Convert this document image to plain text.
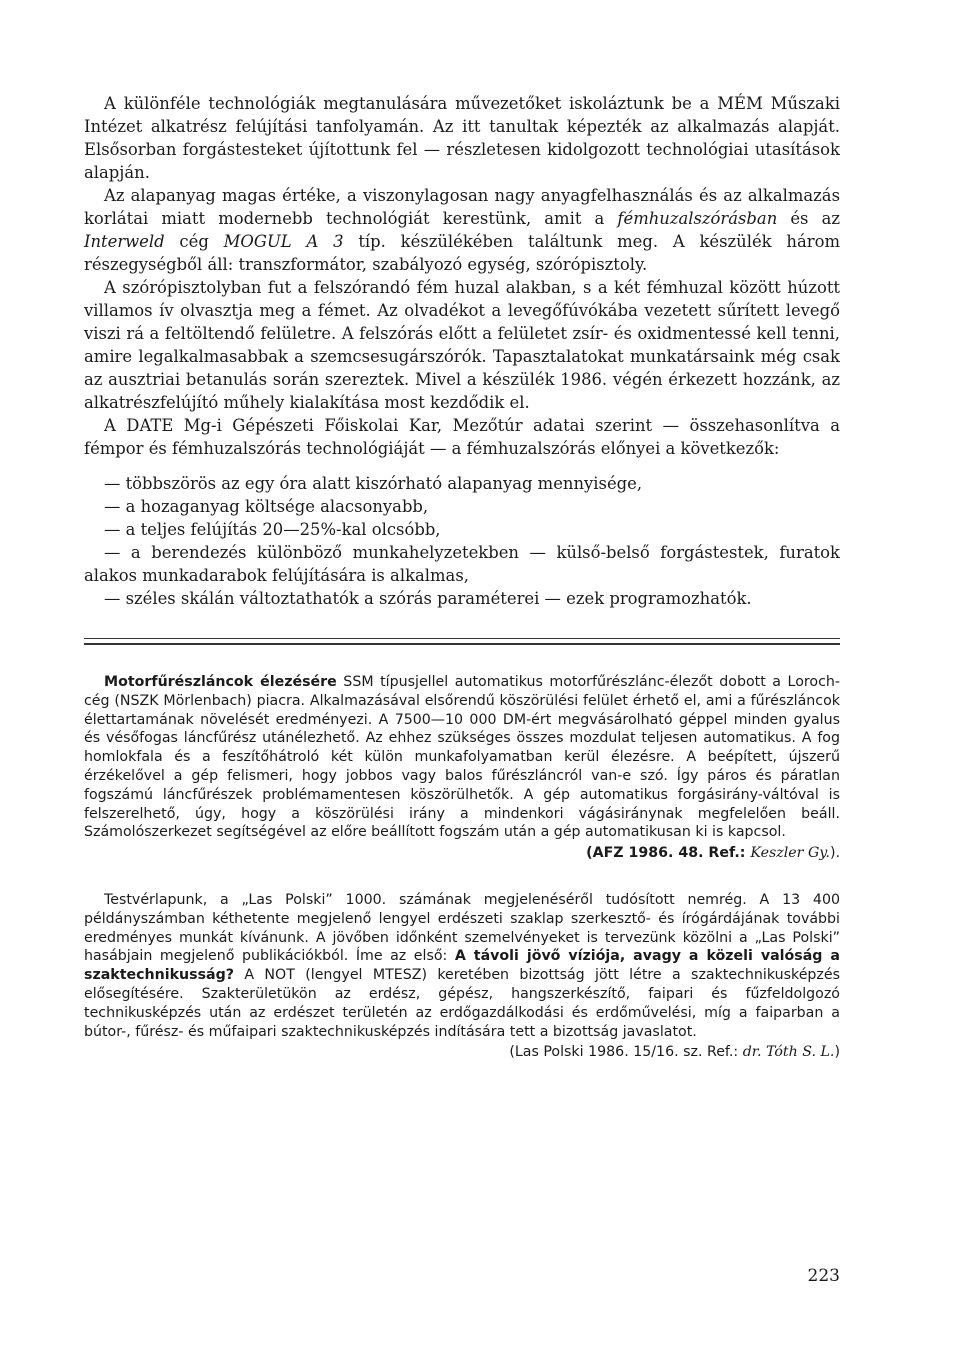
A különféle technológiák megtanulására művezetőket iskoláztunk be a MÉM Műszaki Intézet alkatrész felújítási tanfolyamán. Az itt tanultak képezték az alkalmazás alapját. Elsősorban forgástesteket újítottunk fel — részletesen kidolgozott technológiai utasítások alapján.

Az alapanyag magas értéke, a viszonylagosan nagy anyagfelhasználás és az alkalmazás korlátai miatt modernebb technológiát kerestünk, amit a fémhuzalszórásban és az Interweld cég MOGUL A 3 típ. készülékében találtunk meg. A készülék három részegységből áll: transzformátor, szabályozó egység, szórópisztoly.

A szórópisztolyban fut a felszórandó fém huzal alakban, s a két fémhuzal között húzott villamos ív olvasztja meg a fémet. Az olvadékot a levegőfúvókába vezetett sűrített levegő viszi rá a feltöltendő felületre. A felszórás előtt a felületet zsír- és oxidmentessé kell tenni, amire legalkalmasabbak a szemcsesugárszórók. Tapasztalatokat munkatársaink még csak az ausztriai betanulás során szereztek. Mivel a készülék 1986. végén érkezett hozzánk, az alkatrészfelújító műhely kialakítása most kezdődik el.

A DATE Mg-i Gépészeti Főiskolai Kar, Mezőtúr adatai szerint — összehasonlítva a fémpor és fémhuzalszórás technológiáját — a fémhuzalszórás előnyei a következők:

— többszörös az egy óra alatt kiszórható alapanyag mennyisége,
— a hozaganyag költsége alacsonyabb,
— a teljes felújítás 20—25%-kal olcsóbb,
— a berendezés különböző munkahelyzetekben — külső-belső forgástestek, furatok alakos munkadarabok felújítására is alkalmas,
— széles skálán változtathatók a szórás paraméterei — ezek programozhatók.

Motorfűrészláncok élezésére SSM típusjellel automatikus motorfűrészlánc-élezőt dobott a Loroch-cég (NSZK Mörlenbach) piacra. Alkalmazásával elsőrendű köszörülési felület érhető el, ami a fűrészláncok élettartamának növelését eredményezi. A 7500—10 000 DM-ért megvásárolható géppel minden gyalus és vésőfogas láncfűrész utánélezhető. Az ehhez szükséges összes mozdulat teljesen automatikus. A fog homlokfala és a feszítőhátroló két külön munkafolyamatban kerül élezésre. A beépített, újszerű érzékelővel a gép felismeri, hogy jobbos vagy balos fűrészláncról van-e szó. Így páros és páratlan fogszámú láncfűrészek problémamentesen köszörülhetők. A gép automatikus forgásirány-váltóval is felszerelhető, úgy, hogy a köszörülési irány a mindenkori vágásiránynak megfelelően beáll. Számolószerkezet segítségével az előre beállított fogszám után a gép automatikusan ki is kapcsol.

(AFZ 1986. 48. Ref.: Keszler Gy.).

Testvérlapunk, a „Las Polski” 1000. számának megjelenéséről tudósított nemrég. A 13 400 példányszámban kéthetente megjelenő lengyel erdészeti szaklap szerkesztő- és írógárdájának további eredményes munkát kívánunk. A jövőben időnként szemelvényeket is tervezünk közölni a „Las Polski” hasábjain megjelenő publikációkból. Íme az első: A távoli jövő víziója, avagy a közeli valóság a szaktechnikusság? A NOT (lengyel MTESZ) keretében bizottság jött létre a szaktechnikusképzés elősegítésére. Szakterületükön az erdész, gépész, hangszerkészítő, faipari és fűzfeldolgozó technikusképzés után az erdészet területén az erdőgazdálkodási és erdőművelési, míg a faiparban a bútor-, fűrész- és műfaipari szaktechnikusképzés indítására tett a bizottság javaslatot.

(Las Polski 1986. 15/16. sz. Ref.: dr. Tóth S. L.)

223
